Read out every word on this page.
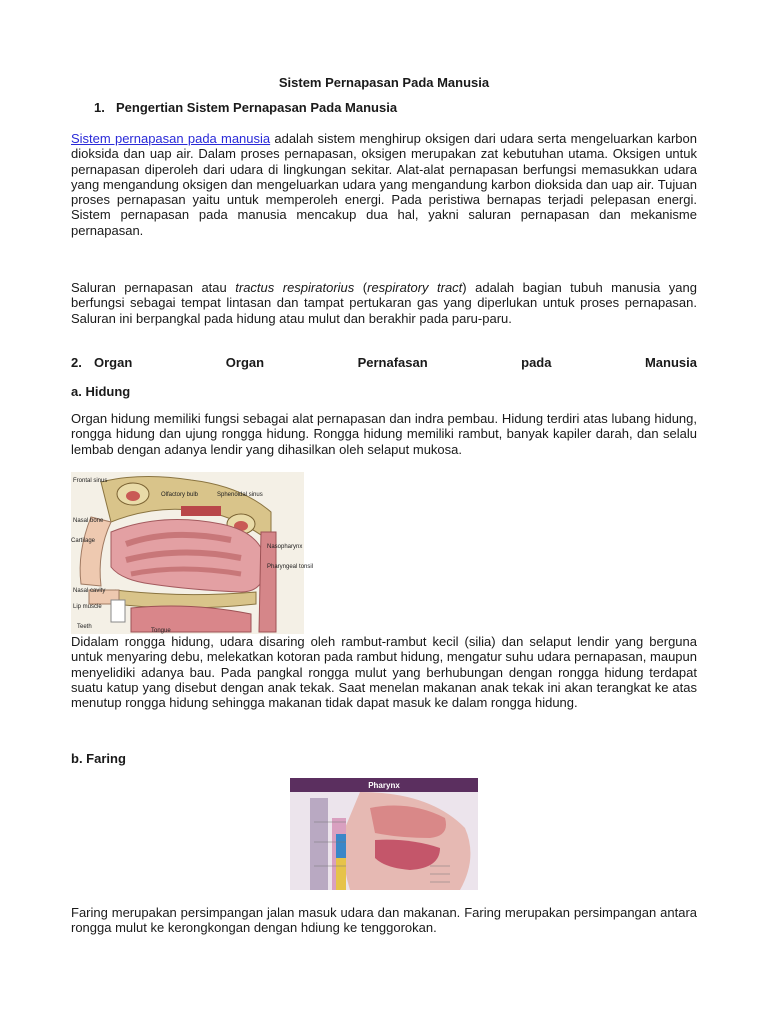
Sistem Pernapasan Pada Manusia
1. Pengertian Sistem Pernapasan Pada Manusia
Sistem pernapasan pada manusia adalah sistem menghirup oksigen dari udara serta mengeluarkan karbon dioksida dan uap air. Dalam proses pernapasan, oksigen merupakan zat kebutuhan utama. Oksigen untuk pernapasan diperoleh dari udara di lingkungan sekitar. Alat-alat pernapasan berfungsi memasukkan udara yang mengandung oksigen dan mengeluarkan udara yang mengandung karbon dioksida dan uap air. Tujuan proses pernapasan yaitu untuk memperoleh energi. Pada peristiwa bernapas terjadi pelepasan energi. Sistem pernapasan pada manusia mencakup dua hal, yakni saluran pernapasan dan mekanisme pernapasan.
Saluran pernapasan atau tractus respiratorius (respiratory tract) adalah bagian tubuh manusia yang berfungsi sebagai tempat lintasan dan tampat pertukaran gas yang diperlukan untuk proses pernapasan. Saluran ini berpangkal pada hidung atau mulut dan berakhir pada paru-paru.
2. Organ	Organ	Pernafasan	pada	Manusia
a. Hidung
Organ hidung memiliki fungsi sebagai alat pernapasan dan indra pembau. Hidung terdiri atas lubang hidung, rongga hidung dan ujung rongga hidung. Rongga hidung memiliki rambut, banyak kapiler darah, dan selalu lembab dengan adanya lendir yang dihasilkan oleh selaput mukosa.
Frontal sinus
Olfactory bulb	Sphenoidal sinus
Nasal bone
Cartilage
Nasopharynx
Pharyngeal tonsil
Nasal cavity
Lip muscle
Teeth
Tongue
Didalam rongga hidung, udara disaring oleh rambut-rambut kecil (silia) dan selaput lendir yang berguna untuk menyaring debu, melekatkan kotoran pada rambut hidung, mengatur suhu udara pernapasan, maupun menyelidiki adanya bau. Pada pangkal rongga mulut yang berhubungan dengan rongga hidung terdapat suatu katup yang disebut dengan anak tekak. Saat menelan makanan anak tekak ini akan terangkat ke atas menutup rongga hidung sehingga makanan tidak dapat masuk ke dalam rongga hidung.
b. Faring
Pharynx
Faring merupakan persimpangan jalan masuk udara dan makanan. Faring merupakan persimpangan antara rongga mulut ke kerongkongan dengan hdiung ke tenggorokan.
